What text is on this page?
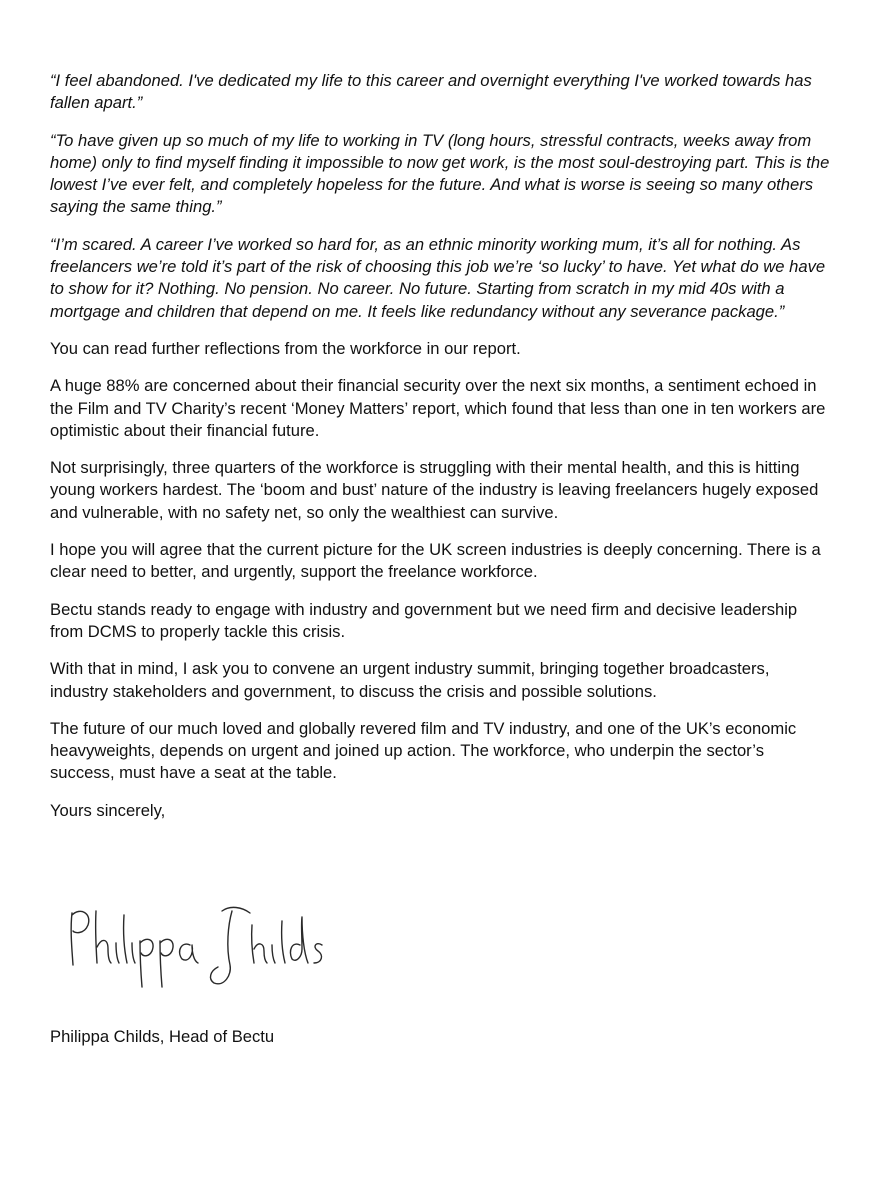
“I feel abandoned. I've dedicated my life to this career and overnight everything I've worked towards has fallen apart.”

“To have given up so much of my life to working in TV (long hours, stressful contracts, weeks away from home) only to find myself finding it impossible to now get work, is the most soul-destroying part. This is the lowest I’ve ever felt, and completely hopeless for the future. And what is worse is seeing so many others saying the same thing.”

“I’m scared. A career I’ve worked so hard for, as an ethnic minority working mum, it’s all for nothing. As freelancers we’re told it’s part of the risk of choosing this job we’re ‘so lucky’ to have. Yet what do we have to show for it? Nothing. No pension. No career. No future. Starting from scratch in my mid 40s with a mortgage and children that depend on me. It feels like redundancy without any severance package.”

You can read further reflections from the workforce in our report.

A huge 88% are concerned about their financial security over the next six months, a sentiment echoed in the Film and TV Charity’s recent ‘Money Matters’ report, which found that less than one in ten workers are optimistic about their financial future.

Not surprisingly, three quarters of the workforce is struggling with their mental health, and this is hitting young workers hardest. The ‘boom and bust’ nature of the industry is leaving freelancers hugely exposed and vulnerable, with no safety net, so only the wealthiest can survive.

I hope you will agree that the current picture for the UK screen industries is deeply concerning. There is a clear need to better, and urgently, support the freelance workforce.

Bectu stands ready to engage with industry and government but we need firm and decisive leadership from DCMS to properly tackle this crisis.

With that in mind, I ask you to convene an urgent industry summit, bringing together broadcasters, industry stakeholders and government, to discuss the crisis and possible solutions.

The future of our much loved and globally revered film and TV industry, and one of the UK’s economic heavyweights, depends on urgent and joined up action. The workforce, who underpin the sector’s success, must have a seat at the table.

Yours sincerely,

Philippa Childs, Head of Bectu
